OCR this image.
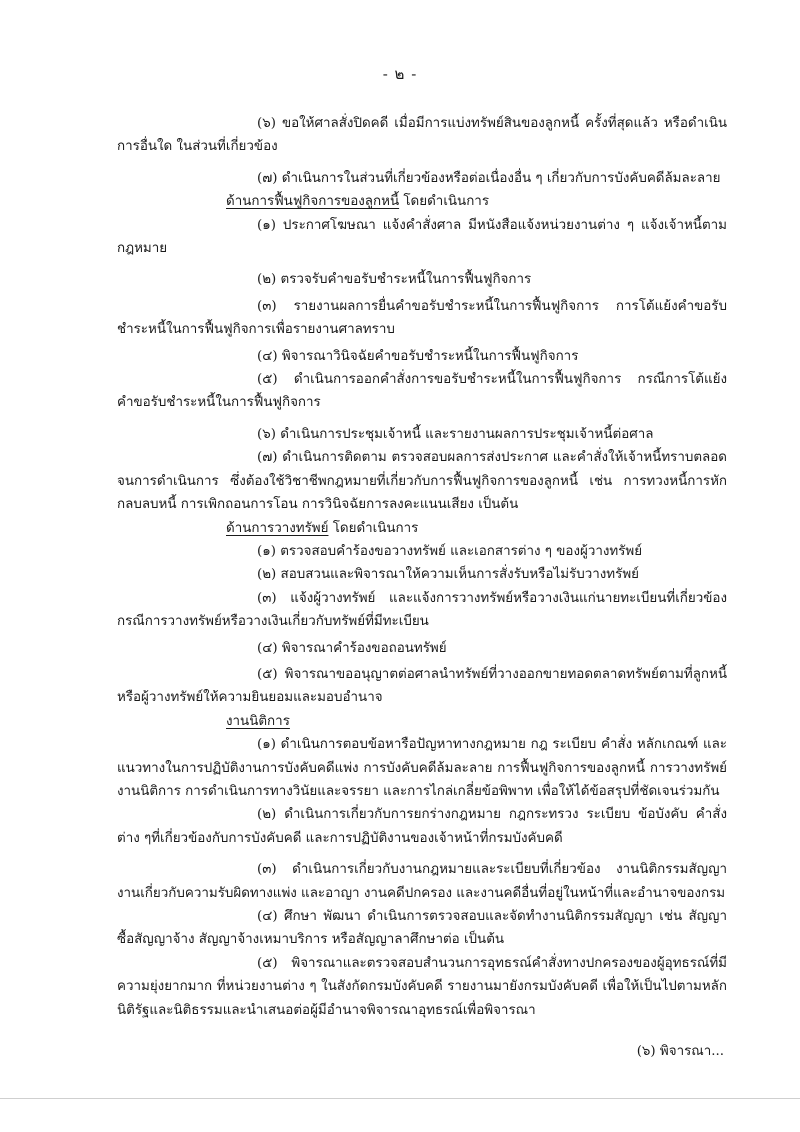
- ๒ -

(๖) ขอให้ศาลสั่งปิดคดี เมื่อมีการแบ่งทรัพย์สินของลูกหนี้ ครั้งที่สุดแล้ว หรือดำเนินการอื่นใด ในส่วนที่เกี่ยวข้อง

(๗) ดำเนินการในส่วนที่เกี่ยวข้องหรือต่อเนื่องอื่น ๆ เกี่ยวกับการบังคับคดีล้มละลาย

ด้านการฟื้นฟูกิจการของลูกหนี้ โดยดำเนินการ

(๑) ประกาศโฆษณา แจ้งคำสั่งศาล มีหนังสือแจ้งหน่วยงานต่าง ๆ แจ้งเจ้าหนี้ตามกฎหมาย

(๒) ตรวจรับคำขอรับชำระหนี้ในการฟื้นฟูกิจการ

(๓) รายงานผลการยื่นคำขอรับชำระหนี้ในการฟื้นฟูกิจการ การโต้แย้งคำขอรับชำระหนี้ในการฟื้นฟูกิจการเพื่อรายงานศาลทราบ

(๔) พิจารณาวินิจฉัยคำขอรับชำระหนี้ในการฟื้นฟูกิจการ

(๕) ดำเนินการออกคำสั่งการขอรับชำระหนี้ในการฟื้นฟูกิจการ กรณีการโต้แย้งคำขอรับชำระหนี้ในการฟื้นฟูกิจการ

(๖) ดำเนินการประชุมเจ้าหนี้ และรายงานผลการประชุมเจ้าหนี้ต่อศาล

(๗) ดำเนินการติดตาม ตรวจสอบผลการส่งประกาศ และคำสั่งให้เจ้าหนี้ทราบตลอดจนการดำเนินการ ซึ่งต้องใช้วิชาชีพกฎหมายที่เกี่ยวกับการฟื้นฟูกิจการของลูกหนี้ เช่น การทวงหนี้การหักกลบลบหนี้ การเพิกถอนการโอน การวินิจฉัยการลงคะแนนเสียง เป็นต้น

ด้านการวางทรัพย์ โดยดำเนินการ

(๑) ตรวจสอบคำร้องขอวางทรัพย์ และเอกสารต่าง ๆ ของผู้วางทรัพย์

(๒) สอบสวนและพิจารณาให้ความเห็นการสั่งรับหรือไม่รับวางทรัพย์

(๓) แจ้งผู้วางทรัพย์ และแจ้งการวางทรัพย์หรือวางเงินแก่นายทะเบียนที่เกี่ยวข้อง กรณีการวางทรัพย์หรือวางเงินเกี่ยวกับทรัพย์ที่มีทะเบียน

(๔) พิจารณาคำร้องขอถอนทรัพย์

(๕) พิจารณาขออนุญาตต่อศาลนำทรัพย์ที่วางออกขายทอดตลาดทรัพย์ตามที่ลูกหนี้หรือผู้วางทรัพย์ให้ความยินยอมและมอบอำนาจ

งานนิติการ

(๑) ดำเนินการตอบข้อหารือปัญหาทางกฎหมาย กฎ ระเบียบ คำสั่ง หลักเกณฑ์ และแนวทางในการปฏิบัติงานการบังคับคดีแพ่ง การบังคับคดีล้มละลาย การฟื้นฟูกิจการของลูกหนี้ การวางทรัพย์งานนิติการ การดำเนินการทางวินัยและจรรยา และการไกล่เกลี่ยข้อพิพาท เพื่อให้ได้ข้อสรุปที่ชัดเจนร่วมกัน

(๒) ดำเนินการเกี่ยวกับการยกร่างกฎหมาย กฎกระทรวง ระเบียบ ข้อบังคับ คำสั่งต่าง ๆที่เกี่ยวข้องกับการบังคับคดี และการปฏิบัติงานของเจ้าหน้าที่กรมบังคับคดี

(๓) ดำเนินการเกี่ยวกับงานกฎหมายและระเบียบที่เกี่ยวข้อง งานนิติกรรมสัญญางานเกี่ยวกับความรับผิดทางแพ่ง และอาญา งานคดีปกครอง และงานคดีอื่นที่อยู่ในหน้าที่และอำนาจของกรม

(๔) ศึกษา พัฒนา ดำเนินการตรวจสอบและจัดทำงานนิติกรรมสัญญา เช่น สัญญาซื้อสัญญาจ้าง สัญญาจ้างเหมาบริการ หรือสัญญาลาศึกษาต่อ เป็นต้น

(๕) พิจารณาและตรวจสอบสำนวนการอุทธรณ์คำสั่งทางปกครองของผู้อุทธรณ์ที่มีความยุ่งยากมาก ที่หน่วยงานต่าง ๆ ในสังกัดกรมบังคับคดี รายงานมายังกรมบังคับคดี เพื่อให้เป็นไปตามหลักนิติรัฐและนิติธรรมและนำเสนอต่อผู้มีอำนาจพิจารณาอุทธรณ์เพื่อพิจารณา

(๖) พิจารณา...
